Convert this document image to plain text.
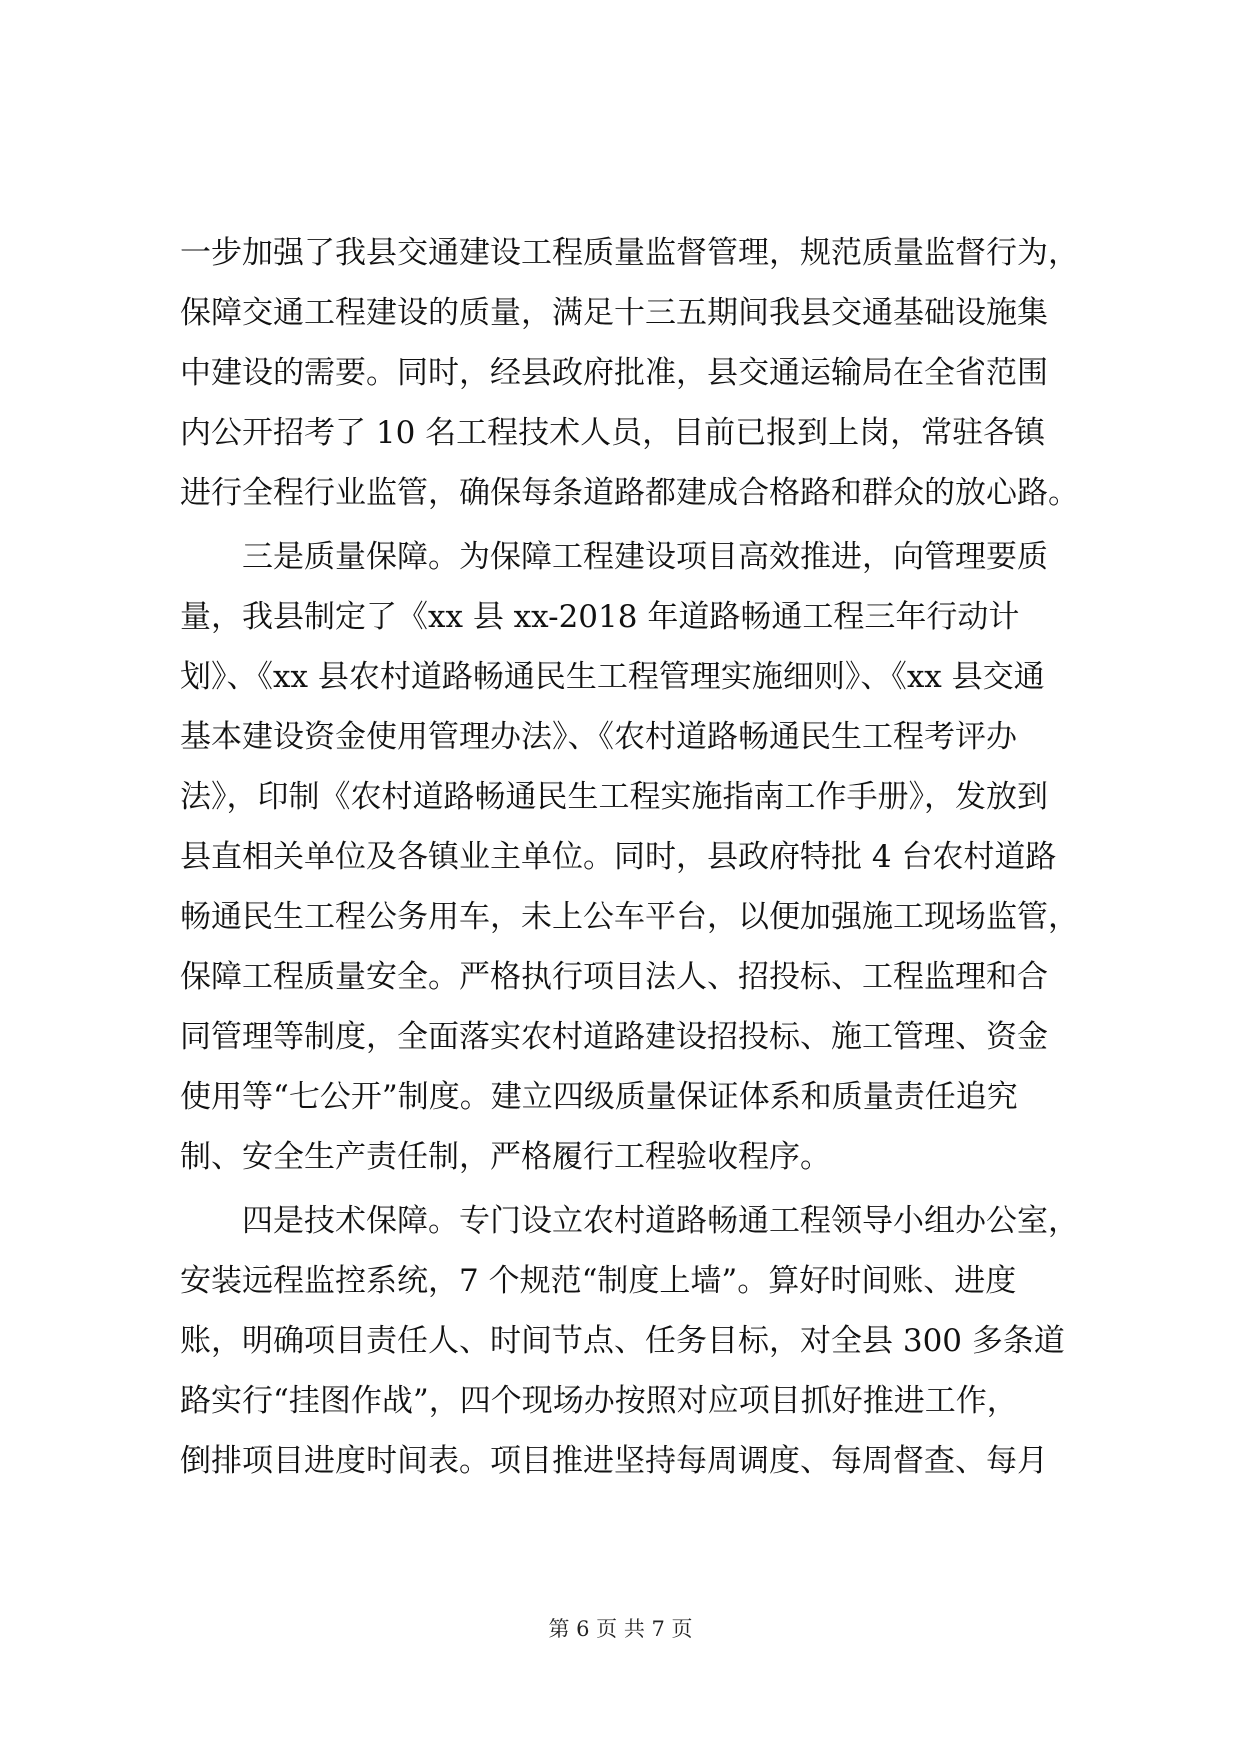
一步加强了我县交通建设工程质量监督管理，规范质量监督行为，
保障交通工程建设的质量，满足十三五期间我县交通基础设施集
中建设的需要。同时，经县政府批准，县交通运输局在全省范围
内公开招考了 10 名工程技术人员，目前已报到上岗，常驻各镇
进行全程行业监管，确保每条道路都建成合格路和群众的放心路。
三是质量保障。为保障工程建设项目高效推进，向管理要质
量，我县制定了《xx 县 xx-2018 年道路畅通工程三年行动计
划》、《xx 县农村道路畅通民生工程管理实施细则》、《xx 县交通
基本建设资金使用管理办法》、《农村道路畅通民生工程考评办
法》，印制《农村道路畅通民生工程实施指南工作手册》，发放到
县直相关单位及各镇业主单位。同时，县政府特批 4 台农村道路
畅通民生工程公务用车，未上公车平台，以便加强施工现场监管，
保障工程质量安全。严格执行项目法人、招投标、工程监理和合
同管理等制度，全面落实农村道路建设招投标、施工管理、资金
使用等“七公开”制度。建立四级质量保证体系和质量责任追究
制、安全生产责任制，严格履行工程验收程序。
四是技术保障。专门设立农村道路畅通工程领导小组办公室，
安装远程监控系统，7 个规范“制度上墙”。算好时间账、进度
账，明确项目责任人、时间节点、任务目标，对全县 300 多条道
路实行“挂图作战”，四个现场办按照对应项目抓好推进工作，
倒排项目进度时间表。项目推进坚持每周调度、每周督查、每月
第 6 页 共 7 页
